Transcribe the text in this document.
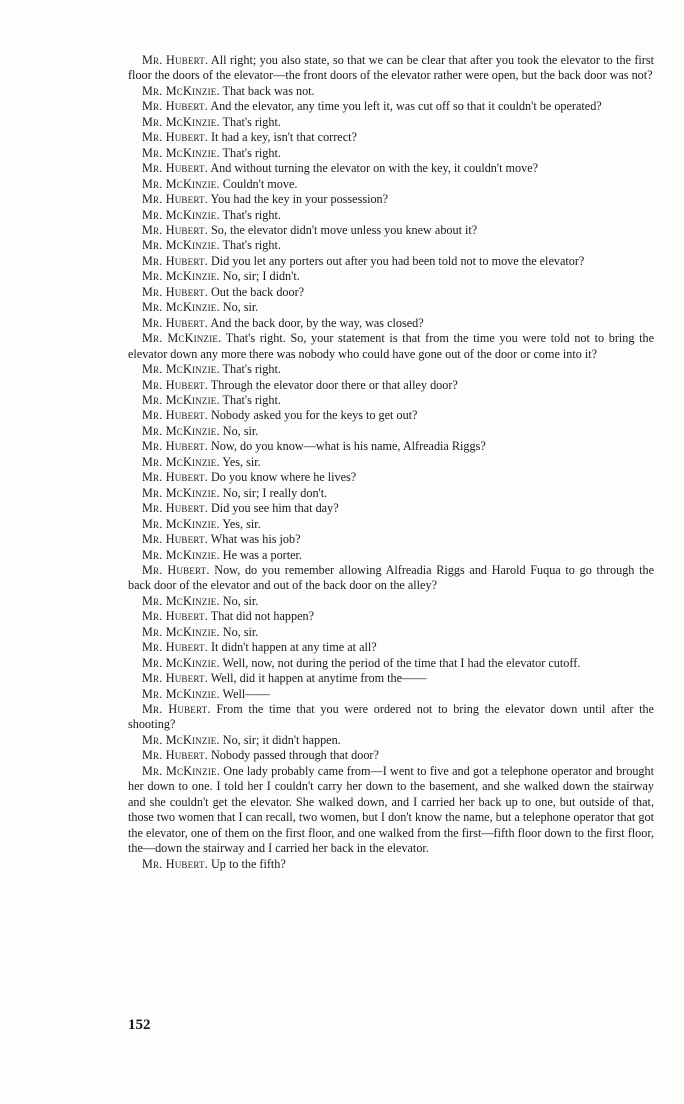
Mr. Hubert. All right; you also state, so that we can be clear that after you took the elevator to the first floor the doors of the elevator—the front doors of the elevator rather were open, but the back door was not?

Mr. McKinzie. That back was not.

Mr. Hubert. And the elevator, any time you left it, was cut off so that it couldn't be operated?

Mr. McKinzie. That's right.

Mr. Hubert. It had a key, isn't that correct?

Mr. McKinzie. That's right.

Mr. Hubert. And without turning the elevator on with the key, it couldn't move?

Mr. McKinzie. Couldn't move.

Mr. Hubert. You had the key in your possession?

Mr. McKinzie. That's right.

Mr. Hubert. So, the elevator didn't move unless you knew about it?

Mr. McKinzie. That's right.

Mr. Hubert. Did you let any porters out after you had been told not to move the elevator?

Mr. McKinzie. No, sir; I didn't.

Mr. Hubert. Out the back door?

Mr. McKinzie. No, sir.

Mr. Hubert. And the back door, by the way, was closed?

Mr. McKinzie. That's right. So, your statement is that from the time you were told not to bring the elevator down any more there was nobody who could have gone out of the door or come into it?

Mr. McKinzie. That's right.

Mr. Hubert. Through the elevator door there or that alley door?

Mr. McKinzie. That's right.

Mr. Hubert. Nobody asked you for the keys to get out?

Mr. McKinzie. No, sir.

Mr. Hubert. Now, do you know—what is his name, Alfreadia Riggs?

Mr. McKinzie. Yes, sir.

Mr. Hubert. Do you know where he lives?

Mr. McKinzie. No, sir; I really don't.

Mr. Hubert. Did you see him that day?

Mr. McKinzie. Yes, sir.

Mr. Hubert. What was his job?

Mr. McKinzie. He was a porter.

Mr. Hubert. Now, do you remember allowing Alfreadia Riggs and Harold Fuqua to go through the back door of the elevator and out of the back door on the alley?

Mr. McKinzie. No, sir.

Mr. Hubert. That did not happen?

Mr. McKinzie. No, sir.

Mr. Hubert. It didn't happen at any time at all?

Mr. McKinzie. Well, now, not during the period of the time that I had the elevator cutoff.

Mr. Hubert. Well, did it happen at anytime from the——

Mr. McKinzie. Well——

Mr. Hubert. From the time that you were ordered not to bring the elevator down until after the shooting?

Mr. McKinzie. No, sir; it didn't happen.

Mr. Hubert. Nobody passed through that door?

Mr. McKinzie. One lady probably came from—I went to five and got a telephone operator and brought her down to one. I told her I couldn't carry her down to the basement, and she walked down the stairway and she couldn't get the elevator. She walked down, and I carried her back up to one, but outside of that, those two women that I can recall, two women, but I don't know the name, but a telephone operator that got the elevator, one of them on the first floor, and one walked from the first—fifth floor down to the first floor, the—down the stairway and I carried her back in the elevator.

Mr. Hubert. Up to the fifth?

152
